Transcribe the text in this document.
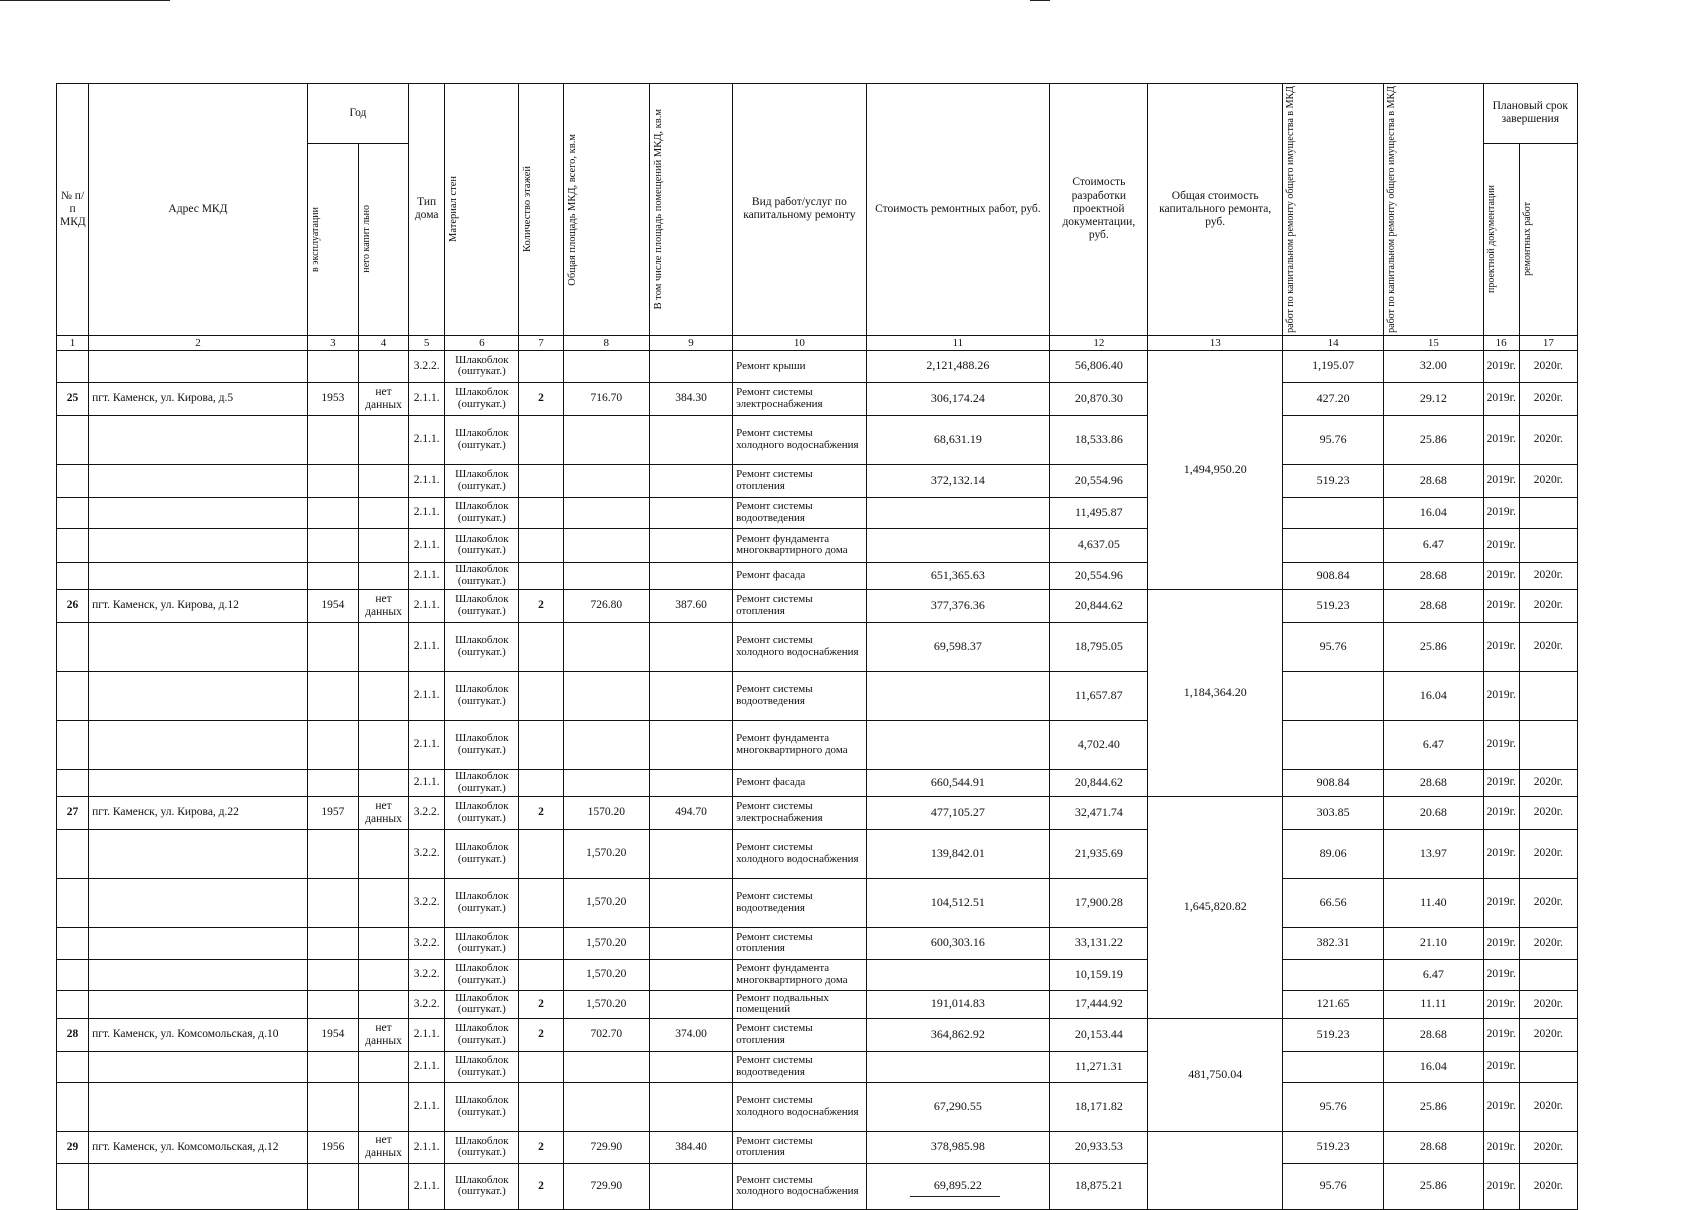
№ п/п МКД	Адрес МКД	Год		Тип дома	Материал стен	Количество этажей	Общая площадь МКД, всего, кв.м	В том числе площадь помещений МКД, кв.м	Вид работ/услуг по капитальному ремонту	Стоимость ремонтных работ, руб.	Стоимость разработки проектной документации, руб.	Общая стоимость капитального ремонта, руб.	работ по капитальном ремонту общего имущества в МКД	работ по капитальном ремонту общего имущества в МКД	Плановый срок завершения	

		в эксплуатации	него капит льно												проектной документации	ремонтных работ

1	2	3	4	5	6	7	8	9	10	11	12	13	14	15	16	17
				3.2.2.	Шлакоблок (оштукат.)				Ремонт крыши	2,121,488.26	56,806.40	1,494,950.20	1,195.07	32.00	2019г.	2020г.
25	пгт. Каменск, ул. Кирова, д.5	1953	нет данных	2.1.1.	Шлакоблок (оштукат.)	2	716.70	384.30	Ремонт системы электроснабжения	306,174.24	20,870.30		427.20	29.12	2019г.	2020г.
				2.1.1.	Шлакоблок (оштукат.)				Ремонт системы холодного водоснабжения	68,631.19	18,533.86		95.76	25.86	2019г.	2020г.
				2.1.1.	Шлакоблок (оштукат.)				Ремонт системы отопления	372,132.14	20,554.96		519.23	28.68	2019г.	2020г.
				2.1.1.	Шлакоблок (оштукат.)				Ремонт системы водоотведения		11,495.87			16.04	2019г.	
				2.1.1.	Шлакоблок (оштукат.)				Ремонт фундамента многоквартирного дома		4,637.05			6.47	2019г.	
				2.1.1.	Шлакоблок (оштукат.)				Ремонт фасада	651,365.63	20,554.96		908.84	28.68	2019г.	2020г.
26	пгт. Каменск, ул. Кирова, д.12	1954	нет данных	2.1.1.	Шлакоблок (оштукат.)	2	726.80	387.60	Ремонт системы отопления	377,376.36	20,844.62	1,184,364.20	519.23	28.68	2019г.	2020г.
				2.1.1.	Шлакоблок (оштукат.)				Ремонт системы холодного водоснабжения	69,598.37	18,795.05		95.76	25.86	2019г.	2020г.
				2.1.1.	Шлакоблок (оштукат.)				Ремонт системы водоотведения		11,657.87			16.04	2019г.	
				2.1.1.	Шлакоблок (оштукат.)				Ремонт фундамента многоквартирного дома		4,702.40			6.47	2019г.	
				2.1.1.	Шлакоблок (оштукат.)				Ремонт фасада	660,544.91	20,844.62		908.84	28.68	2019г.	2020г.
27	пгт. Каменск, ул. Кирова, д.22	1957	нет данных	3.2.2.	Шлакоблок (оштукат.)	2	1570.20	494.70	Ремонт системы электроснабжения	477,105.27	32,471.74	1,645,820.82	303.85	20.68	2019г.	2020г.
				3.2.2.	Шлакоблок (оштукат.)		1,570.20		Ремонт системы холодного водоснабжения	139,842.01	21,935.69		89.06	13.97	2019г.	2020г.
				3.2.2.	Шлакоблок (оштукат.)		1,570.20		Ремонт системы водоотведения	104,512.51	17,900.28		66.56	11.40	2019г.	2020г.
				3.2.2.	Шлакоблок (оштукат.)		1,570.20		Ремонт системы отопления	600,303.16	33,131.22		382.31	21.10	2019г.	2020г.
				3.2.2.	Шлакоблок (оштукат.)		1,570.20		Ремонт фундамента многоквартирного дома		10,159.19			6.47	2019г.	
				3.2.2.	Шлакоблок (оштукат.)	2	1,570.20		Ремонт подвальных помещений	191,014.83	17,444.92		121.65	11.11	2019г.	2020г.
28	пгт. Каменск, ул. Комсомольская, д.10	1954	нет данных	2.1.1.	Шлакоблок (оштукат.)	2	702.70	374.00	Ремонт системы отопления	364,862.92	20,153.44	481,750.04	519.23	28.68	2019г.	2020г.
				2.1.1.	Шлакоблок (оштукат.)				Ремонт системы водоотведения		11,271.31			16.04	2019г.	
				2.1.1.	Шлакоблок (оштукат.)				Ремонт системы холодного водоснабжения	67,290.55	18,171.82		95.76	25.86	2019г.	2020г.
29	пгт. Каменск, ул. Комсомольская, д.12	1956	нет данных	2.1.1.	Шлакоблок (оштукат.)	2	729.90	384.40	Ремонт системы отопления	378,985.98	20,933.53		519.23	28.68	2019г.	2020г.
				2.1.1.	Шлакоблок (оштукат.)	2	729.90		Ремонт системы холодного водоснабжения	69,895.22	18,875.21		95.76	25.86	2019г.	2020г.
